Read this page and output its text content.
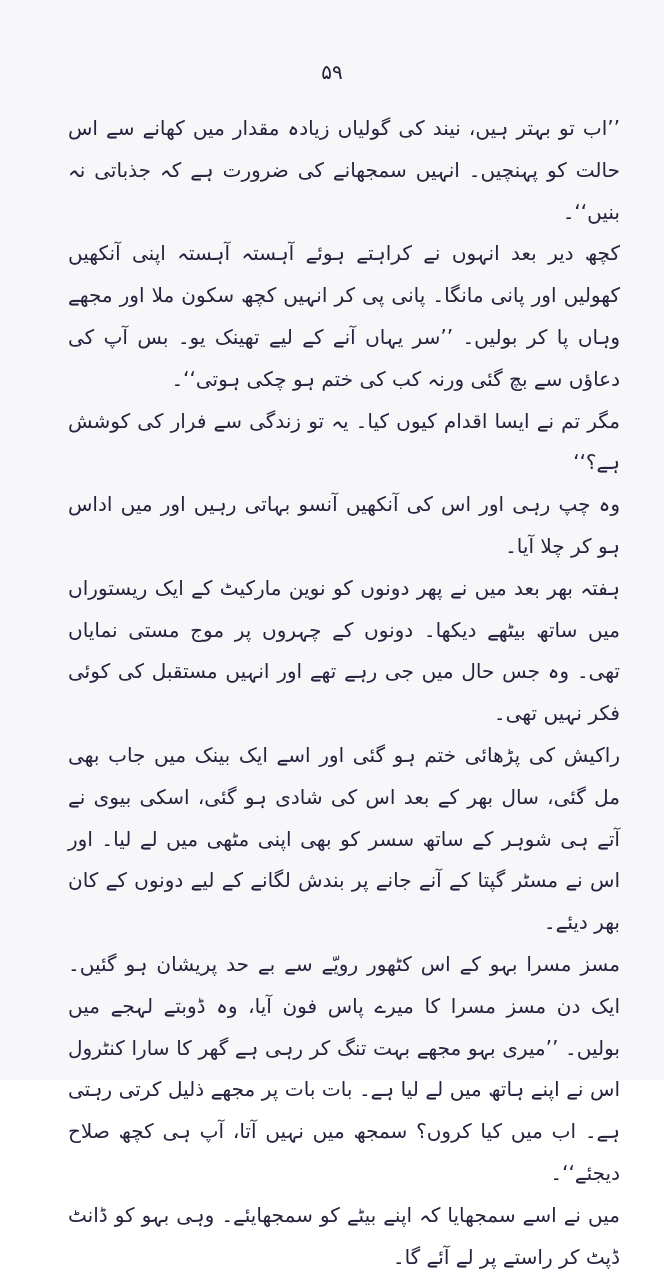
۵۹

’’اب تو بہتر ہیں، نیند کی گولیاں زیادہ مقدار میں کھانے سے اس حالت کو پہنچیں۔ انہیں سمجھانے کی ضرورت ہے کہ جذباتی نہ بنیں‘‘۔

کچھ دیر بعد انہوں نے کراہتے ہوئے آہستہ آہستہ اپنی آنکھیں کھولیں اور پانی مانگا۔ پانی پی کر انہیں کچھ سکون ملا اور مجھے وہاں پا کر بولیں۔ ’’سر یہاں آنے کے لیے تھینک یو۔ بس آپ کی دعاؤں سے بچ گئی ورنہ کب کی ختم ہو چکی ہوتی‘‘۔

مگر تم نے ایسا اقدام کیوں کیا۔ یہ تو زندگی سے فرار کی کوشش ہے؟‘‘

وہ چپ رہی اور اس کی آنکھیں آنسو بہاتی رہیں اور میں اداس ہو کر چلا آیا۔

ہفتہ بھر بعد میں نے پھر دونوں کو نوین مارکیٹ کے ایک ریستوراں میں ساتھ بیٹھے دیکھا۔ دونوں کے چہروں پر موج مستی نمایاں تھی۔ وہ جس حال میں جی رہے تھے اور انہیں مستقبل کی کوئی فکر نہیں تھی۔

راکیش کی پڑھائی ختم ہو گئی اور اسے ایک بینک میں جاب بھی مل گئی، سال بھر کے بعد اس کی شادی ہو گئی، اسکی بیوی نے آتے ہی شوہر کے ساتھ سسر کو بھی اپنی مٹھی میں لے لیا۔ اور اس نے مسٹر گپتا کے آنے جانے پر بندش لگانے کے لیے دونوں کے کان بھر دیئے۔

مسز مسرا بہو کے اس کٹھور رویّے سے بے حد پریشان ہو گئیں۔ ایک دن مسز مسرا کا میرے پاس فون آیا، وہ ڈوبتے لہجے میں بولیں۔ ’’میری بہو مجھے بہت تنگ کر رہی ہے گھر کا سارا کنٹرول اس نے اپنے ہاتھ میں لے لیا ہے۔ بات بات پر مجھے ذلیل کرتی رہتی ہے۔ اب میں کیا کروں؟ سمجھ میں نہیں آتا، آپ ہی کچھ صلاح دیجئے‘‘۔

میں نے اسے سمجھایا کہ اپنے بیٹے کو سمجھایئے۔ وہی بہو کو ڈانٹ ڈپٹ کر راستے پر لے آئے گا۔
